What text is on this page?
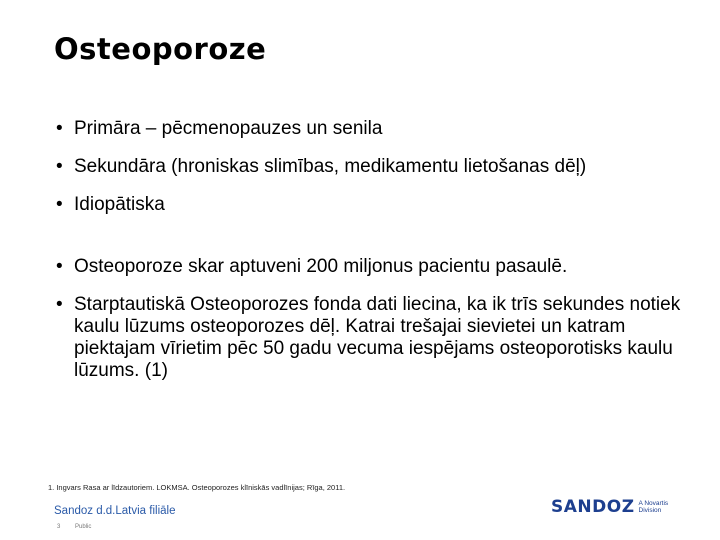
Osteoporoze
• Primāra – pēcmenopauzes un senila
• Sekundāra (hroniskas slimības, medikamentu lietošanas dēļ)
• Idiopātiska
• Osteoporoze skar aptuveni 200 miljonus pacientu pasaulē.
• Starptautiskā Osteoporozes fonda dati liecina, ka ik trīs sekundes notiek kaulu lūzums osteoporozes dēļ. Katrai trešajai sievietei un katram piektajam vīrietim pēc 50 gadu vecuma iespējams osteoporotisks kaulu lūzums. (1)
1. Ingvars Rasa ar līdzautoriem. LOKMSA. Osteoporozes klīniskās vadlīnijas; Rīga, 2011.
Sandoz d.d.Latvia filiāle
3 Public
SANDOZ A Novartis
Division
